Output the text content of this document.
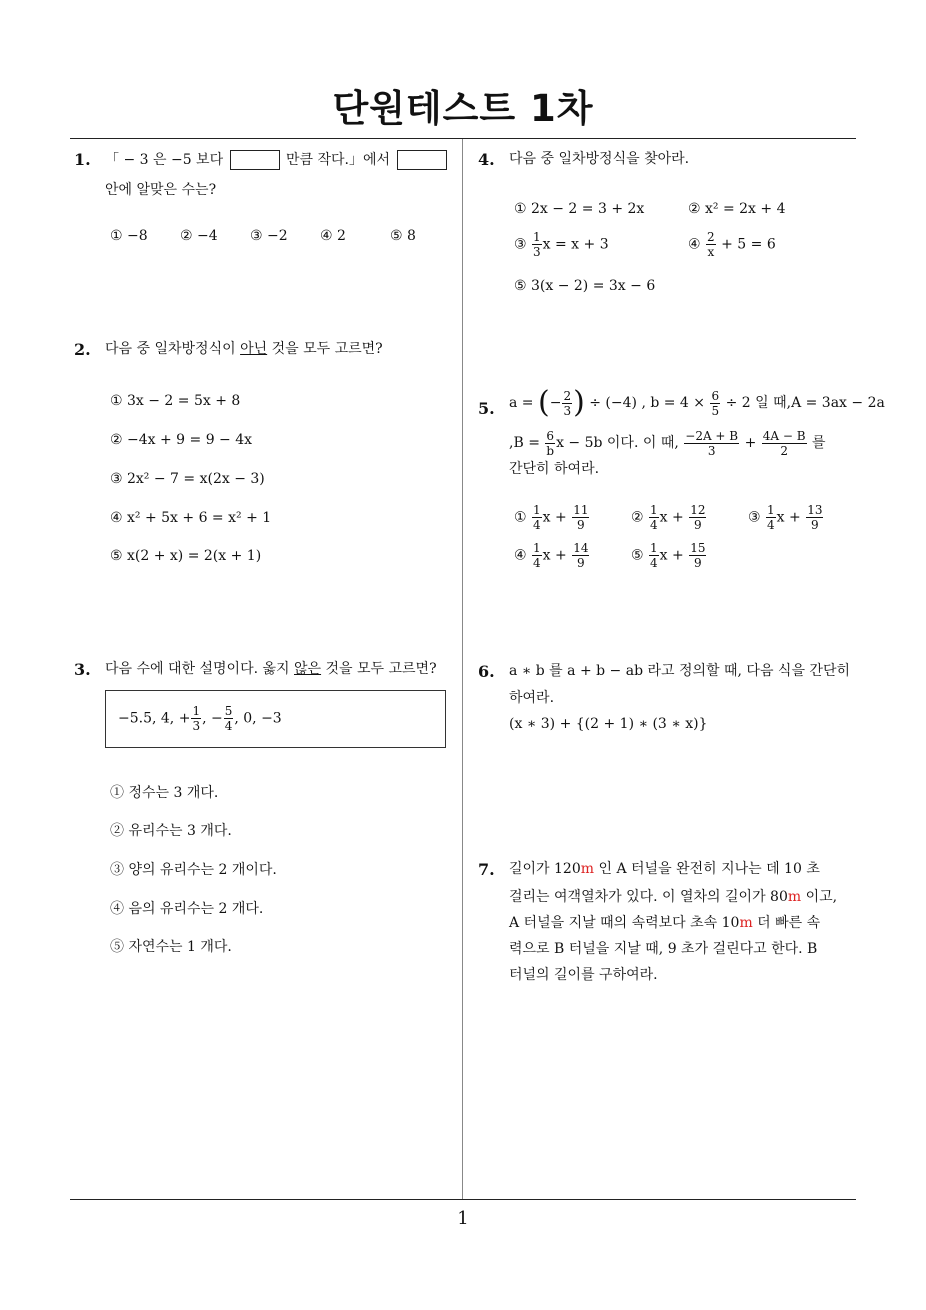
단원테스트 1차
1
1. 「 − 3 은 −5 보다	만큼 작다.」에서
안에 알맞은 수는?
① −8 ② −4 ③ −2 ④ 2	⑤ 8
2. 다음 중 일차방정식이 아닌 것을 모두 고르면?
① 3x − 2 = 5x + 8
② −4x + 9 = 9 − 4x
③ 2x² − 7 = x(2x − 3)
④ x² + 5x + 6 = x² + 1
⑤ x(2 + x) = 2(x + 1)
3. 다음 수에 대한 설명이다. 옳지 않은 것을 모두 고르면?
−5.5, 4, + $\frac{1}{3}$ , − $\frac{5}{4}$ , 0, −3
① 정수는 3 개다.
② 유리수는 3 개다.
③ 양의 유리수는 2 개이다.
④ 음의 유리수는 2 개다.
⑤ 자연수는 1 개다.
4. 다음 중 일차방정식을 찾아라.
① 2x − 2 = 3 + 2x	② x² = 2x + 4
③ $\frac{1}{3}$ x = x + 3	④ $\frac{2}{x} + 5 = 6$
⑤ 3(x − 2) = 3x − 6
5. a = (− $\frac{2}{3}$ ) ÷ (−4) , $b = 4 \times \frac{6}{5} \div 2$ 일 때,A = 3ax − 2a
$,B = \frac{6}{b}$ x − 5b 이다. 이 때, $\frac{-2A + B}{3} + \frac{4A - B}{2}$ 를
간단히 하여라.
① $\frac{1}{4}$ $x + \frac{11}{9}$	② $\frac{1}{4}$ $x + \frac{12}{9}$	③ $\frac{1}{4}$ $x + \frac{13}{9}$
④ $\frac{1}{4}$ $x + \frac{14}{9}$	⑤ $\frac{1}{4}$ $x + \frac{15}{9}$
6. a ∗ b 를 a + b − ab 라고 정의할 때, 다음 식을 간단히
하여라.
(x ∗ 3) + {(2 + 1) ∗ (3 ∗ x)}
7. 길이가 120m 인 A 터널을 완전히 지나는 데 10 초
걸리는 여객열차가 있다. 이 열차의 길이가 80m 이고,
A 터널을 지날 때의 속력보다 초속 10m 더 빠른 속
력으로 B 터널을 지날 때, 9 초가 걸린다고 한다. B
터널의 길이를 구하여라.
